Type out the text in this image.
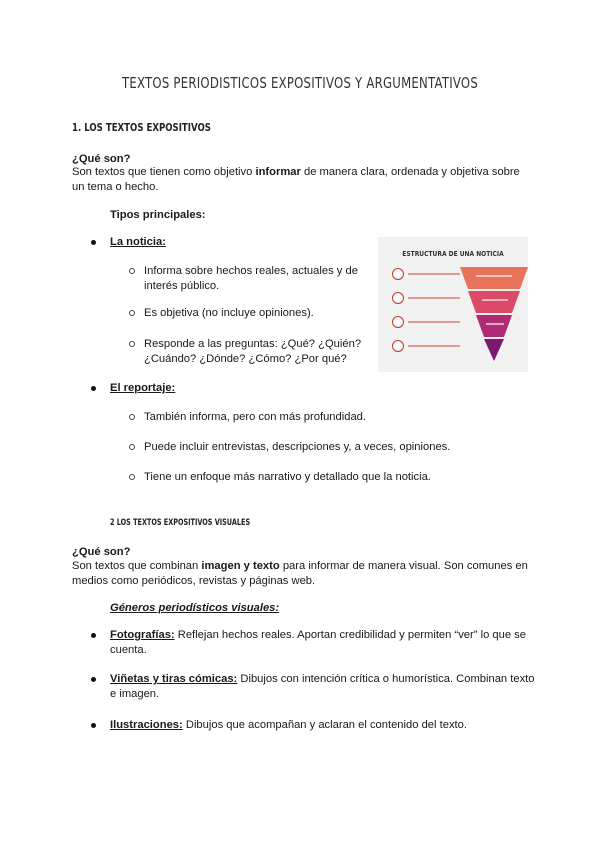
TEXTOS PERIODISTICOS EXPOSITIVOS Y ARGUMENTATIVOS
1. LOS TEXTOS EXPOSITIVOS
¿Qué son?
Son textos que tienen como objetivo informar de manera clara, ordenada y objetiva sobre
un tema o hecho.
Tipos principales:
La noticia:
Informa sobre hechos reales, actuales y de
interés público.
Es objetiva (no incluye opiniones).
Responde a las preguntas: ¿Qué? ¿Quién?
¿Cuándo? ¿Dónde? ¿Cómo? ¿Por qué?
ESTRUCTURA DE UNA NOTICIA
El reportaje:
También informa, pero con más profundidad.
Puede incluir entrevistas, descripciones y, a veces, opiniones.
Tiene un enfoque más narrativo y detallado que la noticia.
2 LOS TEXTOS EXPOSITIVOS VISUALES
¿Qué son?
Son textos que combinan imagen y texto para informar de manera visual. Son comunes en
medios como periódicos, revistas y páginas web.
Géneros periodísticos visuales:
Fotografías: Reflejan hechos reales. Aportan credibilidad y permiten “ver” lo que se
cuenta.
Viñetas y tiras cómicas: Dibujos con intención crítica o humorística. Combinan texto
e imagen.
Ilustraciones: Dibujos que acompañan y aclaran el contenido del texto.
